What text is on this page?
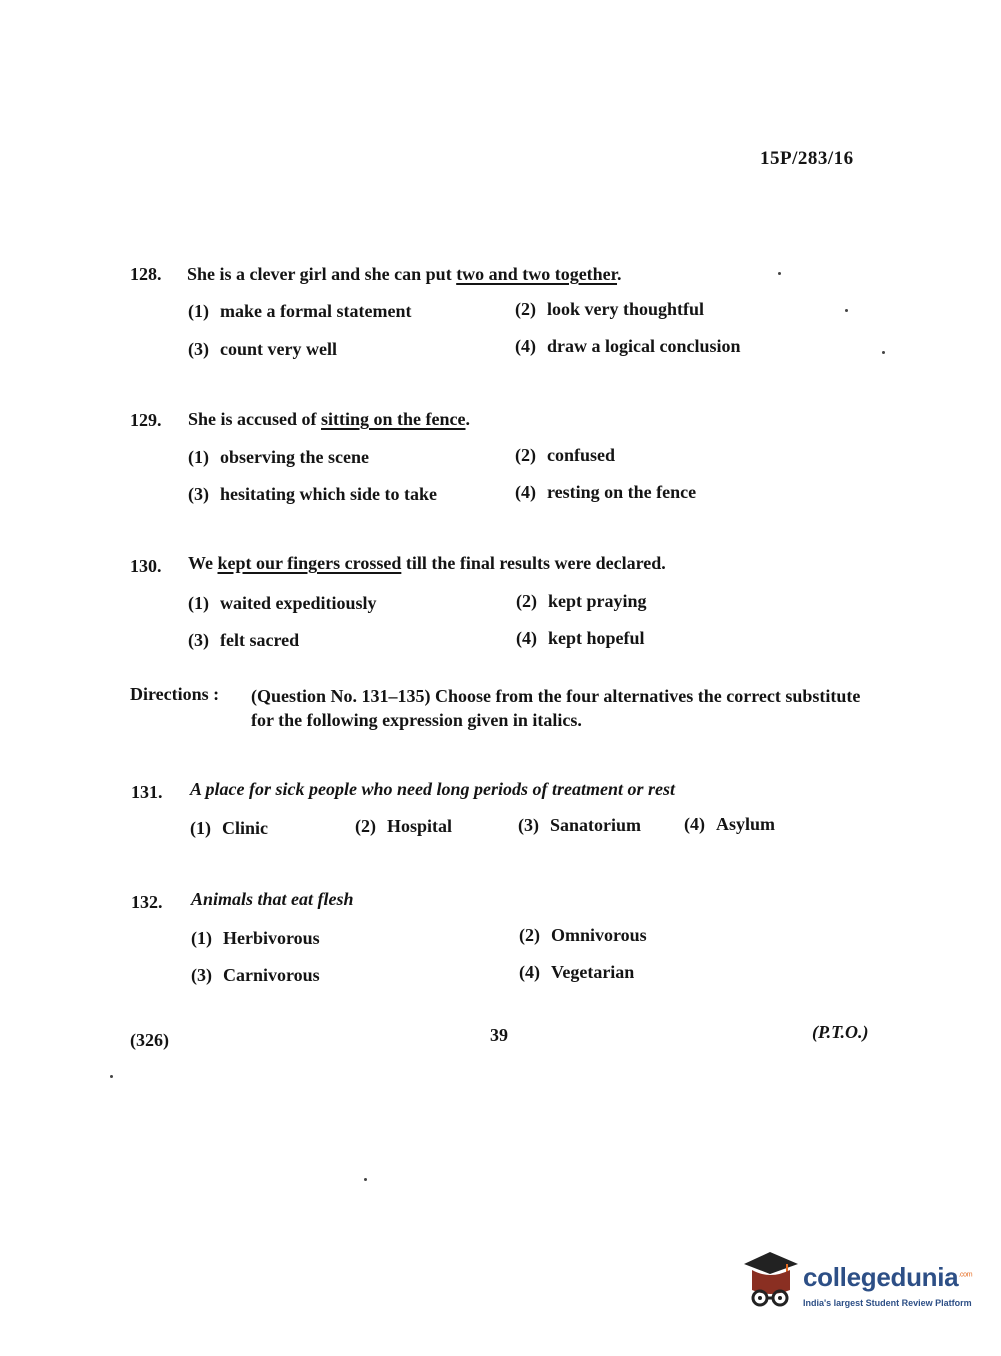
15P/283/16
128. She is a clever girl and she can put two and two together.
(1) make a formal statement	(2) look very thoughtful
(3) count very well	(4) draw a logical conclusion
129. She is accused of sitting on the fence.
(1) observing the scene	(2) confused
(3) hesitating which side to take	(4) resting on the fence
130. We kept our fingers crossed till the final results were declared.
(1) waited expeditiously	(2) kept praying
(3) felt sacred	(4) kept hopeful
Directions : (Question No. 131–135) Choose from the four alternatives the correct substitute for the following expression given in italics.
131. A place for sick people who need long periods of treatment or rest
(1) Clinic	(2) Hospital	(3) Sanatorium (4) Asylum
132. Animals that eat flesh
(1) Herbivorous	(2) Omnivorous
(3) Carnivorous	(4) Vegetarian
(326)	39	(P.T.O.)
collegedunia$^{.com}$
India's largest Student Review Platform
